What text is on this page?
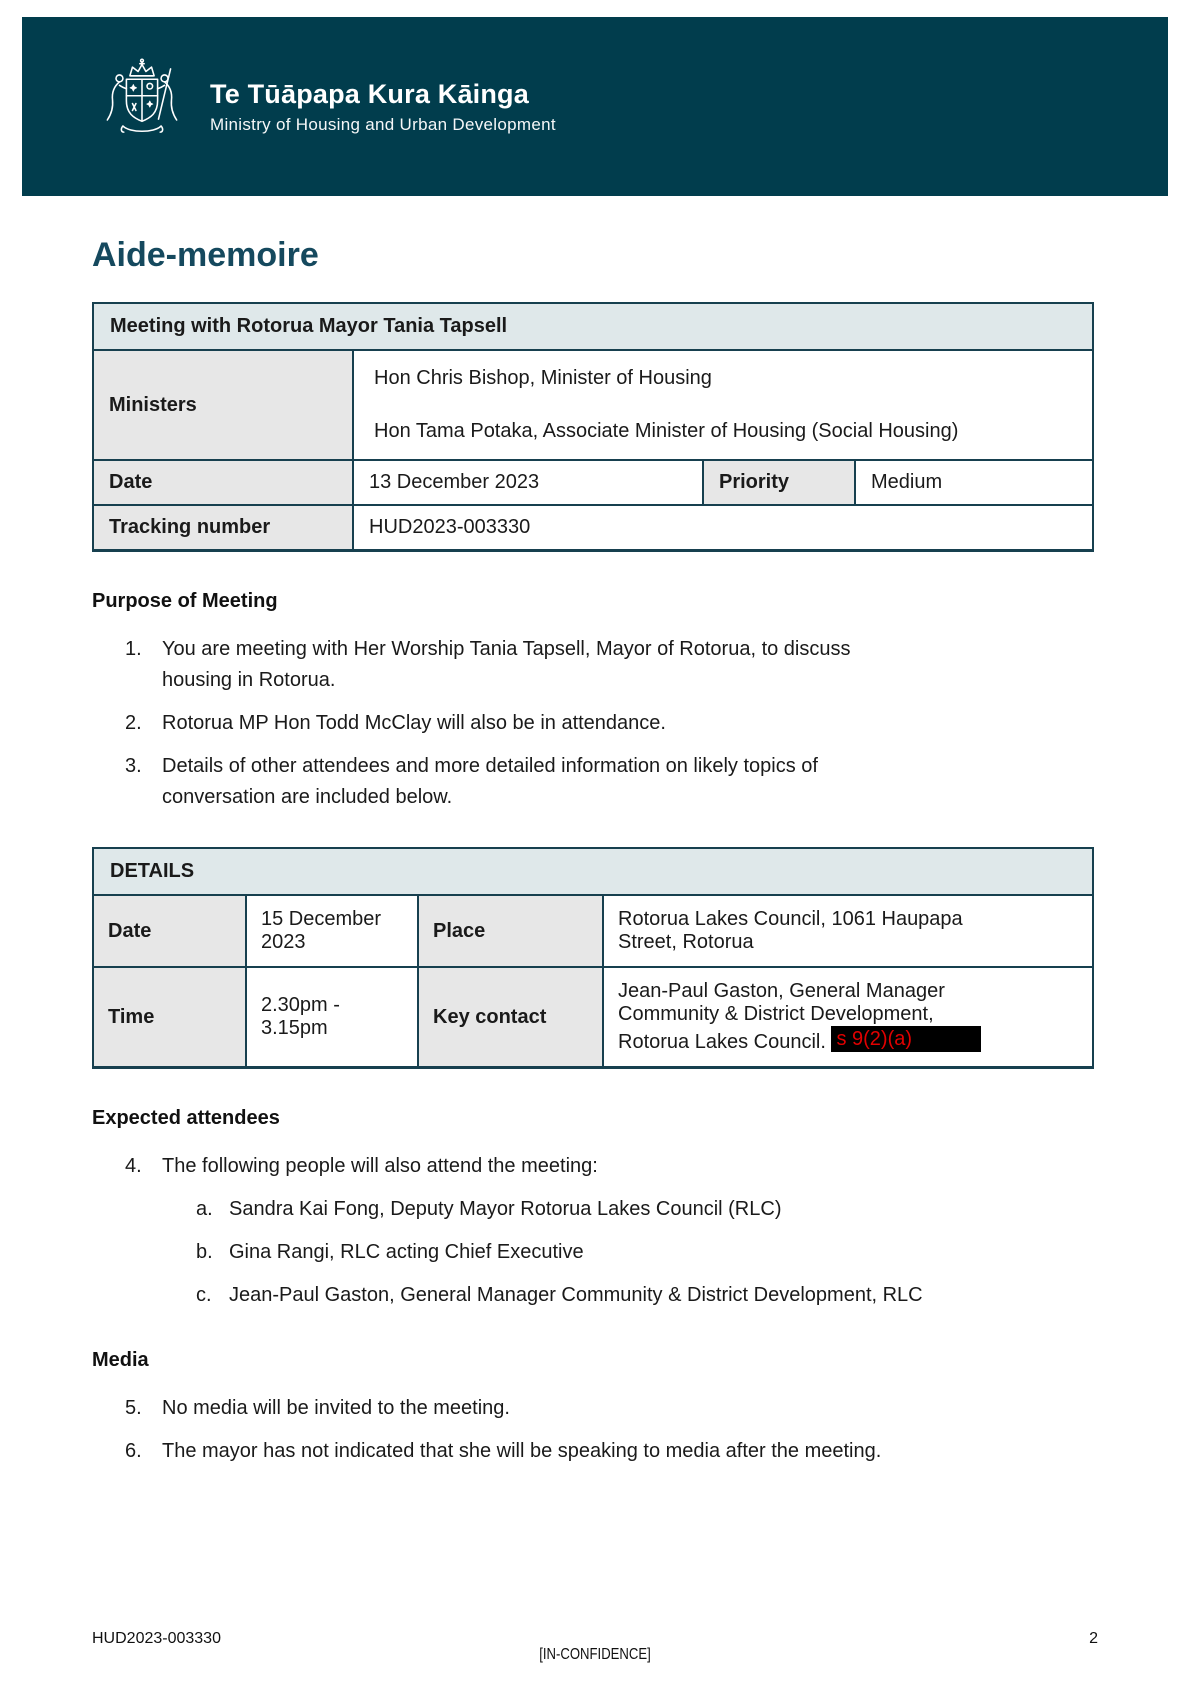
Te Tūāpapa Kura Kāinga
Ministry of Housing and Urban Development
Aide-memoire
Meeting with Rotorua Mayor Tania Tapsell			
Ministers	Hon Chris Bishop, Minister of Housing
Hon Tama Potaka, Associate Minister of Housing (Social Housing)		

Date	13 December 2023	Priority	Medium
Tracking number	HUD2023-003330		
Purpose of Meeting
1.	You are meeting with Her Worship Tania Tapsell, Mayor of Rotorua, to discuss housing in Rotorua.
2.	Rotorua MP Hon Todd McClay will also be in attendance.
3.	Details of other attendees and more detailed information on likely topics of conversation are included below.
DETAILS			
Date	15 December 2023	Place	Rotorua Lakes Council, 1061 Haupapa Street, Rotorua

Time	2.30pm - 3.15pm	Key contact	Jean-Paul Gaston, General Manager Community & District Development, Rotorua Lakes Council. s 9(2)(a)
Expected attendees
4.	The following people will also attend the meeting:
a. Sandra Kai Fong, Deputy Mayor Rotorua Lakes Council (RLC)
b. Gina Rangi, RLC acting Chief Executive
c. Jean-Paul Gaston, General Manager Community & District Development, RLC
Media
5.	No media will be invited to the meeting.
6.	The mayor has not indicated that she will be speaking to media after the meeting.
HUD2023-003330
[IN-CONFIDENCE]
2
